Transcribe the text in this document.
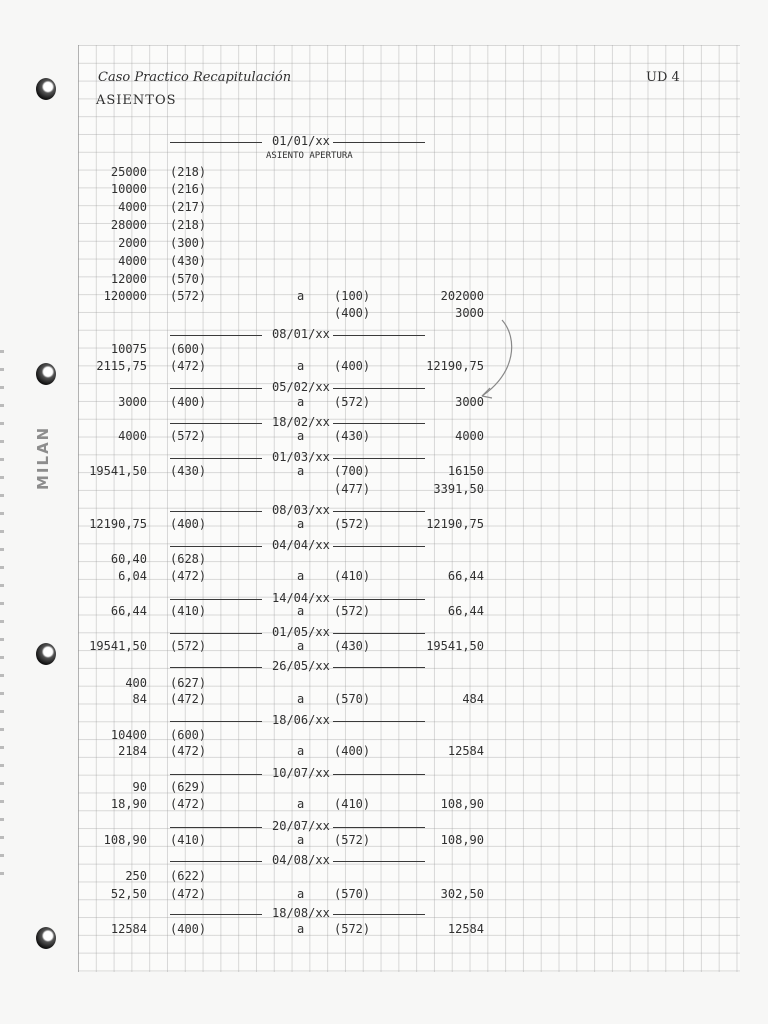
MILAN
Caso Practico Recapitulación
ASIENTOS
UD 4
01/01/xx
ASIENTO APERTURA
25000 (218)
10000 (216)
4000 (217)
28000 (218)
2000 (300)
4000 (430)
12000 (570)
120000 (572)	a (100)	202000
(400)	3000
08/01/xx
10075 (600)
2115,75 (472)	a (400)	12190,75
05/02/xx
3000 (400)	a (572)	3000
18/02/xx
4000 (572)	a (430)	4000
01/03/xx
19541,50 (430)	a (700)	16150
(477)	3391,50
08/03/xx
12190,75 (400)	a (572)	12190,75
04/04/xx
60,40 (628)
6,04 (472)	a (410)	66,44
14/04/xx
66,44 (410)	a (572)	66,44
01/05/xx
19541,50 (572)	a (430)	19541,50
26/05/xx
400 (627)
84 (472)	a (570)	484
18/06/xx
10400 (600)
2184 (472)	a (400)	12584
10/07/xx
90 (629)
18,90 (472)	a (410)	108,90
20/07/xx
108,90 (410)	a (572)	108,90
04/08/xx
250 (622)
52,50 (472)	a (570)	302,50
18/08/xx
12584 (400)	a (572)	12584
